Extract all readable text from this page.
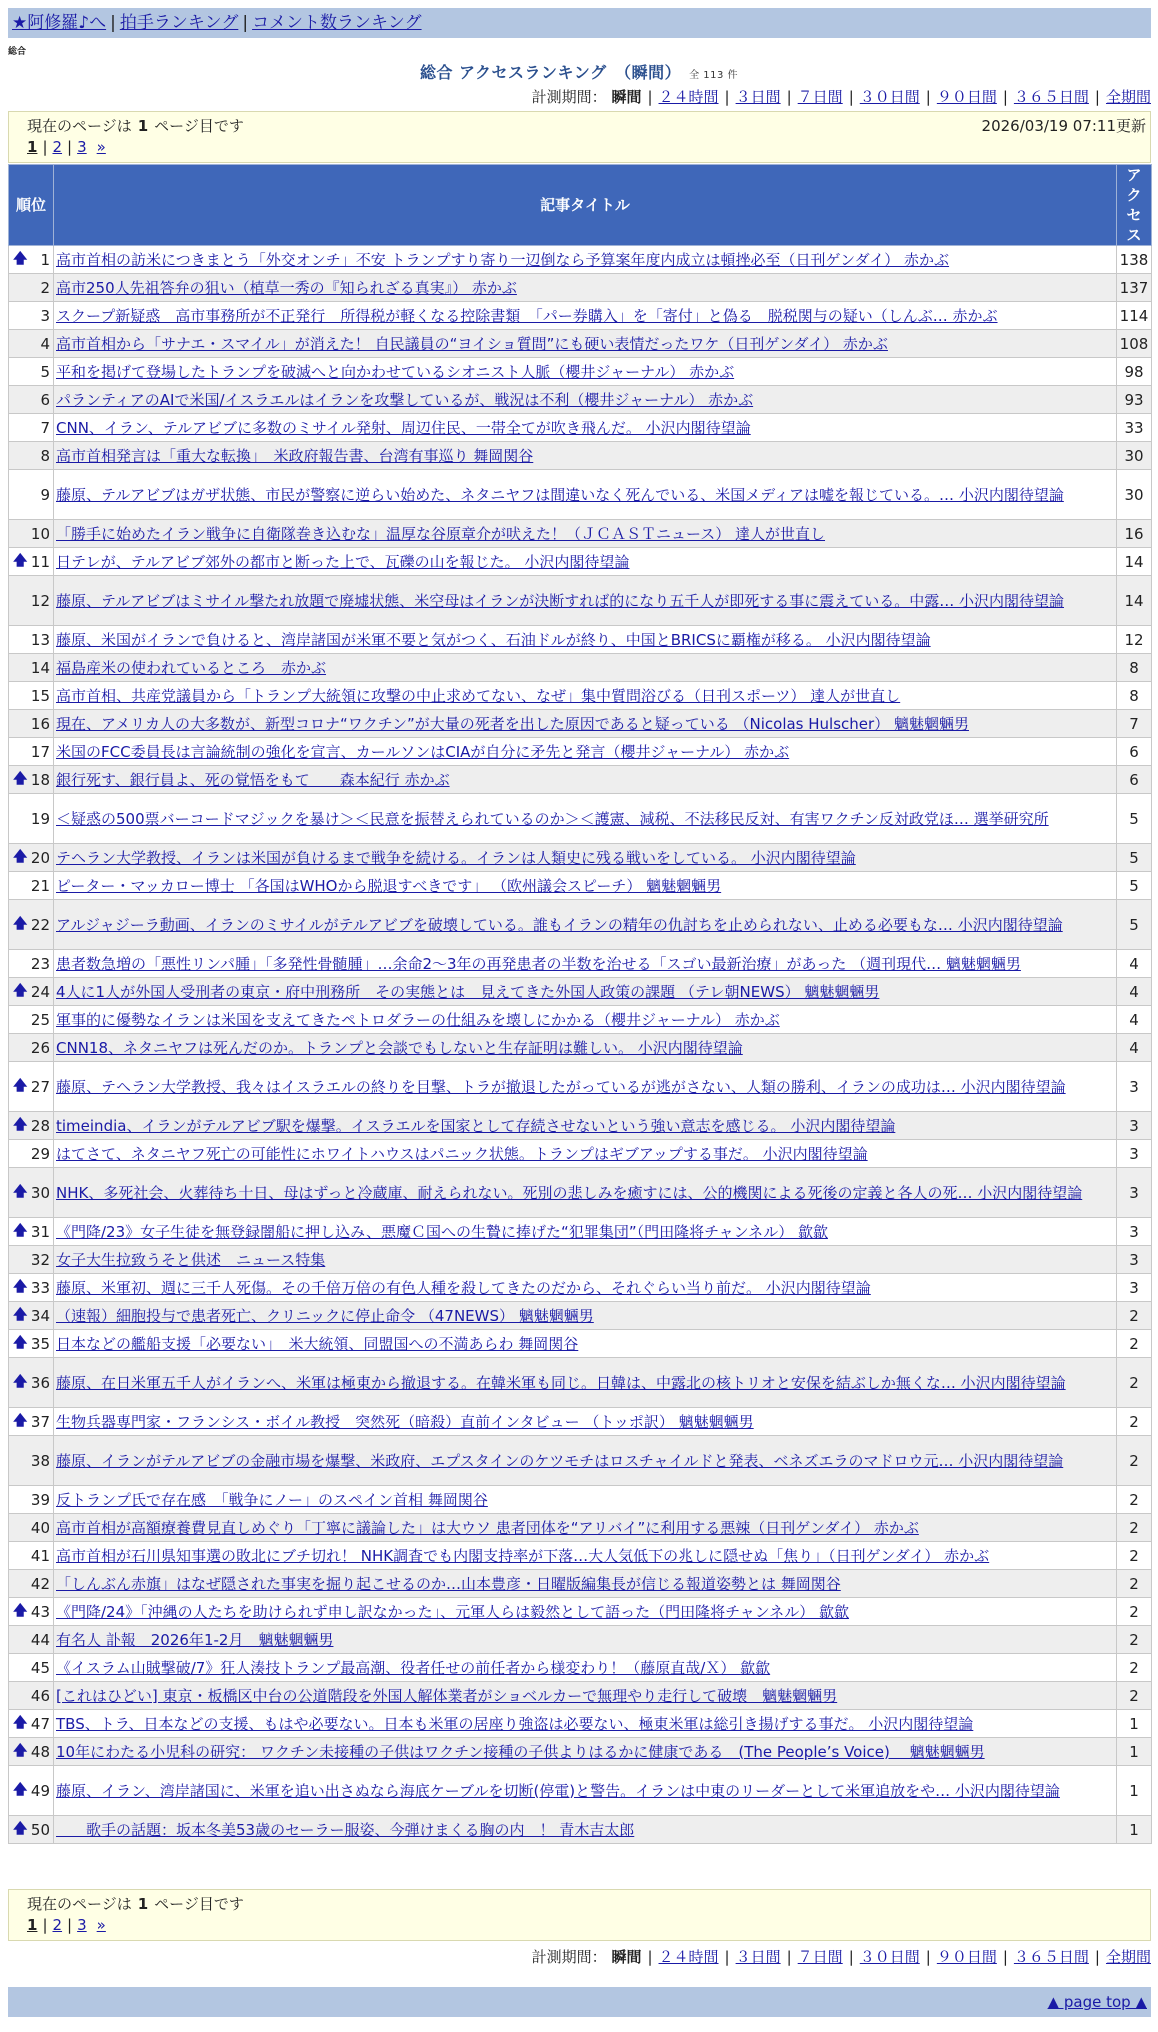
★阿修羅♪へ | 拍手ランキング | コメント数ランキング
総合
総合 アクセスランキング　（瞬間） 全 113 件
計測期間： 瞬間 | ２４時間 | ３日間 | ７日間 | ３０日間 | ９０日間 | ３６５日間 | 全期間
現在のページは 1 ページ目です	2026/03/19 07:11更新
1 | 2 | 3 »
順位	記事タイトル	アクセス

🡅 1	高市首相の訪米につきまとう「外交オンチ」不安 トランプすり寄り一辺倒なら予算案年度内成立は頓挫必至（日刊ゲンダイ） 赤かぶ	138
2	高市250人先祖答弁の狙い（植草一秀の『知られざる真実』） 赤かぶ	137
3	スクープ新疑惑　高市事務所が不正発行　所得税が軽くなる控除書類　「パー券購入」を「寄付」と偽る　脱税関与の疑い（しんぶ… 赤かぶ	114
4	高市首相から「サナエ・スマイル」が消えた！ 自民議員の“ヨイショ質問”にも硬い表情だったワケ（日刊ゲンダイ） 赤かぶ	108
5	平和を掲げて登場したトランプを破滅へと向かわせているシオニスト人脈（櫻井ジャーナル） 赤かぶ	98
6	パランティアのAIで米国/イスラエルはイランを攻撃しているが、戦況は不利（櫻井ジャーナル） 赤かぶ	93
7	CNN、イラン、テルアビブに多数のミサイル発射、周辺住民、一帯全てが吹き飛んだ。 小沢内閣待望論	33
8	高市首相発言は「重大な転換」　米政府報告書、台湾有事巡り 舞岡関谷	30
9	藤原、テルアビブはガザ状態、市民が警察に逆らい始めた、ネタニヤフは間違いなく死んでいる、米国メディアは嘘を報じている。… 小沢内閣待望論	30
10	「勝手に始めたイラン戦争に自衛隊巻き込むな」温厚な谷原章介が吠えた！（ＪＣＡＳＴニュース） 達人が世直し	16

🡅 11	日テレが、テルアビブ郊外の都市と断った上で、瓦礫の山を報じた。 小沢内閣待望論	14
12	藤原、テルアビブはミサイル撃たれ放題で廃墟状態、米空母はイランが決断すれば的になり五千人が即死する事に震えている。中露… 小沢内閣待望論	14
13	藤原、米国がイランで負けると、湾岸諸国が米軍不要と気がつく、石油ドルが終り、中国とBRICSに覇権が移る。 小沢内閣待望論	12
14	福島産米の使われているところ　赤かぶ	8
15	高市首相、共産党議員から「トランプ大統領に攻撃の中止求めてない、なぜ」集中質問浴びる（日刊スポーツ） 達人が世直し	8
16	現在、アメリカ人の大多数が、新型コロナ“ワクチン”が大量の死者を出した原因であると疑っている （Nicolas Hulscher） 魑魅魍魎男	7
17	米国のFCC委員長は言論統制の強化を宣言、カールソンはCIAが自分に矛先と発言（櫻井ジャーナル） 赤かぶ	6

🡅 18	銀行死す、銀行員よ、死の覚悟をもて　　森本紀行 赤かぶ	6
19	＜疑惑の500票バーコードマジックを暴け＞＜民意を振替えられているのか＞＜護憲、減税、不法移民反対、有害ワクチン反対政党ほ… 選挙研究所	5

🡅 20	テヘラン大学教授、イランは米国が負けるまで戦争を続ける。イランは人類史に残る戦いをしている。 小沢内閣待望論	5
21	ピーター・マッカロー博士 「各国はWHOから脱退すべきです」 （欧州議会スピーチ） 魑魅魍魎男	5

🡅 22	アルジャジーラ動画、イランのミサイルがテルアビブを破壊している。誰もイランの精年の仇討ちを止められない、止める必要もな… 小沢内閣待望論	5
23	患者数急増の「悪性リンパ腫」「多発性骨髄腫」…余命2～3年の再発患者の半数を治せる「スゴい最新治療」があった （週刊現代… 魑魅魍魎男	4

🡅 24	4人に1人が外国人受刑者の東京・府中刑務所　その実態とは　見えてきた外国人政策の課題 （テレ朝NEWS） 魑魅魍魎男	4
25	軍事的に優勢なイランは米国を支えてきたペトロダラーの仕組みを壊しにかかる（櫻井ジャーナル） 赤かぶ	4
26	CNN18、ネタニヤフは死んだのか。トランプと会談でもしないと生存証明は難しい。 小沢内閣待望論	4

🡅 27	藤原、テヘラン大学教授、我々はイスラエルの終りを目撃、トラが撤退したがっているが逃がさない、人類の勝利、イランの成功は… 小沢内閣待望論	3

🡅 28	timeindia、イランがテルアビブ駅を爆撃。イスラエルを国家として存続させないという強い意志を感じる。 小沢内閣待望論	3
29	はてさて、ネタニヤフ死亡の可能性にホワイトハウスはパニック状態。トランプはギブアップする事だ。 小沢内閣待望論	3

🡅 30	NHK、多死社会、火葬待ち十日、母はずっと冷蔵庫、耐えられない。死別の悲しみを癒すには、公的機関による死後の定義と各人の死… 小沢内閣待望論	3

🡅 31	《門降/23》女子生徒を無登録闇船に押し込み、悪魔Ｃ国への生贄に捧げた“犯罪集団”（門田隆将チャンネル） 歙歙	3
32	女子大生拉致うそと供述　ニュース特集	3

🡅 33	藤原、米軍初、週に三千人死傷。その千倍万倍の有色人種を殺してきたのだから、それぐらい当り前だ。 小沢内閣待望論	3

🡅 34	（速報）細胞投与で患者死亡、クリニックに停止命令 （47NEWS） 魑魅魍魎男	2

🡅 35	日本などの艦船支援「必要ない」　米大統領、同盟国への不満あらわ 舞岡関谷	2

🡅 36	藤原、在日米軍五千人がイランへ、米軍は極東から撤退する。在韓米軍も同じ。日韓は、中露北の核トリオと安保を結ぶしか無くな… 小沢内閣待望論	2

🡅 37	生物兵器専門家・フランシス・ボイル教授　突然死（暗殺）直前インタビュー （トッポ訳） 魑魅魍魎男	2
38	藤原、イランがテルアビブの金融市場を爆撃、米政府、エプスタインのケツモチはロスチャイルドと発表、ベネズエラのマドロウ元… 小沢内閣待望論	2
39	反トランプ氏で存在感　「戦争にノー」のスペイン首相 舞岡関谷	2
40	高市首相が高額療養費見直しめぐり「丁寧に議論した」は大ウソ 患者団体を“アリバイ”に利用する悪辣（日刊ゲンダイ） 赤かぶ	2
41	高市首相が石川県知事選の敗北にブチ切れ！ NHK調査でも内閣支持率が下落…大人気低下の兆しに隠せぬ「焦り」（日刊ゲンダイ） 赤かぶ	2
42	「しんぶん赤旗」はなぜ隠された事実を掘り起こせるのか…山本豊彦・日曜版編集長が信じる報道姿勢とは 舞岡関谷	2

🡅 43	《門降/24》「沖縄の人たちを助けられず申し訳なかった」、元軍人らは毅然として語った（門田隆将チャンネル） 歙歙	2
44	有名人 訃報　2026年1-2月　魑魅魍魎男	2
45	《イスラム山賊撃破/7》狂人湊技トランプ最高潮、役者任せの前任者から様変わり！（藤原直哉/Ｘ） 歙歙	2
46	[これはひどい] 東京・板橋区中台の公道階段を外国人解体業者がショベルカーで無理やり走行して破壊　魑魅魍魎男	2

🡅 47	TBS、トラ、日本などの支援、もはや必要ない。日本も米軍の居座り強盗は必要ない、極東米軍は総引き揚げする事だ。 小沢内閣待望論	1

🡅 48	10年にわたる小児科の研究： ワクチン未接種の子供はワクチン接種の子供よりはるかに健康である　(The People’s Voice)　 魑魅魍魎男	1

🡅 49	藤原、イラン、湾岸諸国に、米軍を追い出さぬなら海底ケーブルを切断(停電)と警告。イランは中東のリーダーとして米軍追放をや… 小沢内閣待望論	1

🡅 50	　　歌手の話題：坂本冬美53歳のセーラー服姿、今弾けまくる胸の内　！ 青木吉太郎	1
現在のページは 1 ページ目です
1 | 2 | 3 »
計測期間： 瞬間 | ２４時間 | ３日間 | ７日間 | ３０日間 | ９０日間 | ３６５日間 | 全期間
▲ page top ▲
